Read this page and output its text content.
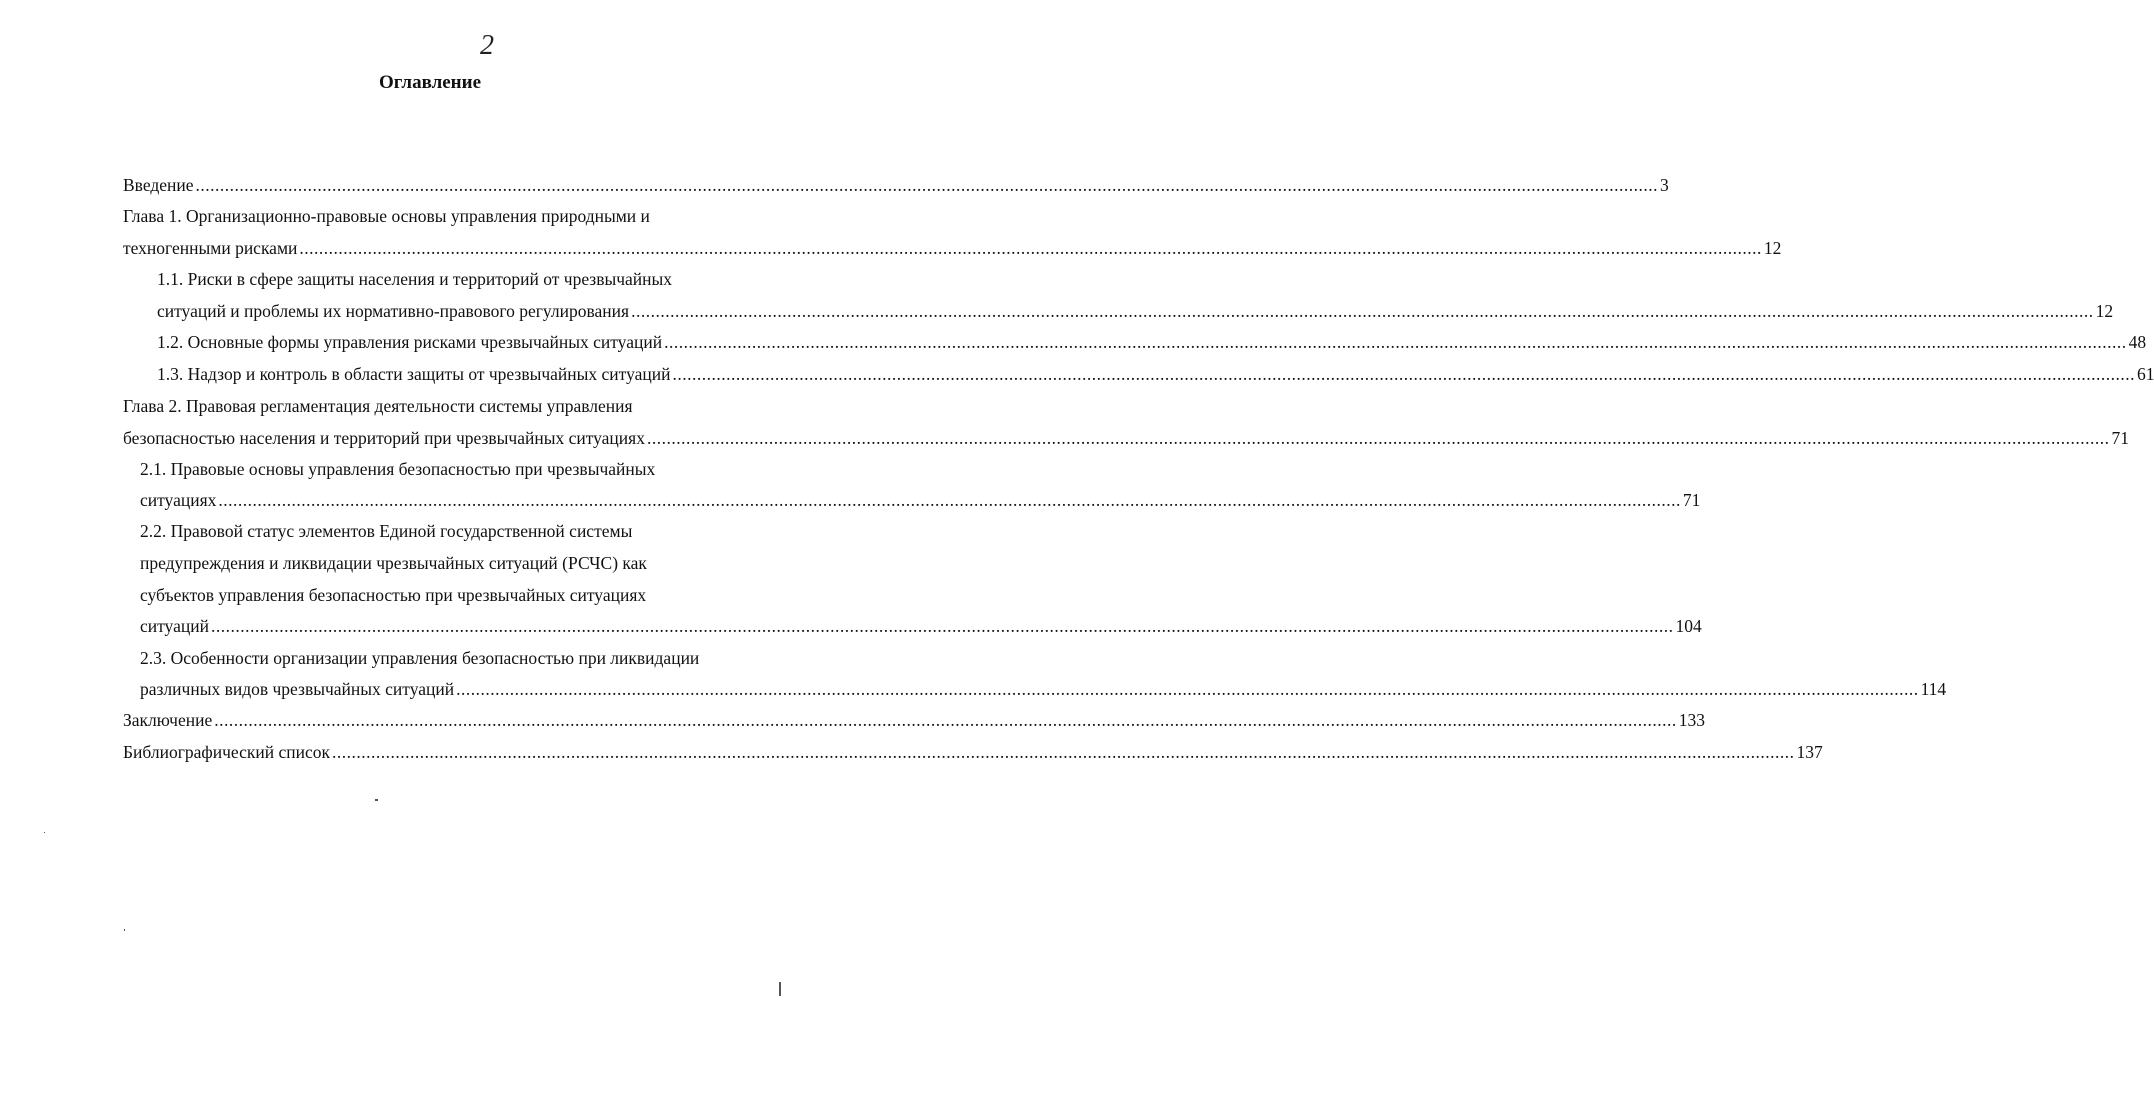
2
Оглавление
Введение ............................................................................................................................................................................................................................................................................................................ 3
Глава 1. Организационно-правовые основы управления природными и
техногенными рисками ............................................................................................................................................................................................................................................................................................................ 12
1.1. Риски в сфере защиты населения и территорий от чрезвычайных
ситуаций и проблемы их нормативно-правового регулирования ............................................................................................................................................................................................................................................................................................................ 12
1.2. Основные формы управления рисками чрезвычайных ситуаций ............................................................................................................................................................................................................................................................................................................ 48
1.3. Надзор и контроль в области защиты от чрезвычайных ситуаций ............................................................................................................................................................................................................................................................................................................ 61
Глава 2. Правовая регламентация деятельности системы управления
безопасностью населения и территорий при чрезвычайных ситуациях ............................................................................................................................................................................................................................................................................................................ 71
2.1. Правовые основы управления безопасностью при чрезвычайных
ситуациях ............................................................................................................................................................................................................................................................................................................ 71
2.2. Правовой статус элементов Единой государственной системы
предупреждения и ликвидации чрезвычайных ситуаций (РСЧС) как
субъектов управления безопасностью при чрезвычайных ситуациях
ситуаций ............................................................................................................................................................................................................................................................................................................ 104
2.3. Особенности организации управления безопасностью при ликвидации
различных видов чрезвычайных ситуаций ............................................................................................................................................................................................................................................................................................................ 114
Заключение ............................................................................................................................................................................................................................................................................................................ 133
Библиографический список ............................................................................................................................................................................................................................................................................................................ 137
